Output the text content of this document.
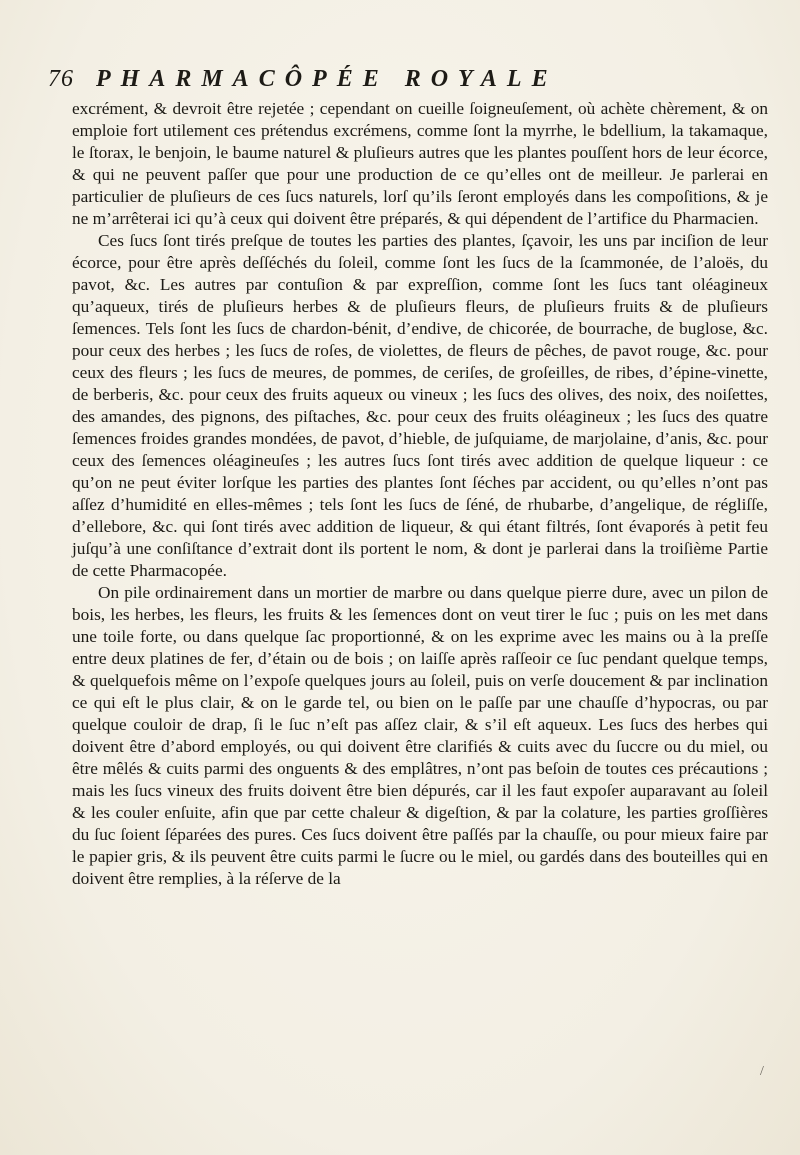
76 PHARMACÔPÉE ROYALE

excrément, & devroit être rejetée ; cependant on cueille ſoigneuſement, où achète chèrement, & on emploie fort utilement ces prétendus excrémens, comme ſont la myrrhe, le bdellium, la takamaque, le ſtorax, le benjoin, le baume naturel & pluſieurs autres que les plantes pouſſent hors de leur écorce, & qui ne peuvent paſſer que pour une production de ce qu’elles ont de meilleur. Je parlerai en particulier de pluſieurs de ces ſucs naturels, lorſ qu’ils ſeront employés dans les compoſitions, & je ne m’arrêterai ici qu’à ceux qui doivent être préparés, & qui dépendent de l’artifice du Pharmacien.

Ces ſucs ſont tirés preſque de toutes les parties des plantes, ſçavoir, les uns par inciſion de leur écorce, pour être après deſſéchés du ſoleil, comme ſont les ſucs de la ſcammonée, de l’aloës, du pavot, &c. Les autres par contuſion & par expreſſion, comme ſont les ſucs tant oléagineux qu’aqueux, tirés de pluſieurs herbes & de pluſieurs fleurs, de pluſieurs fruits & de pluſieurs ſemences. Tels ſont les ſucs de chardon-bénit, d’endive, de chicorée, de bourrache, de buglose, &c. pour ceux des herbes ; les ſucs de roſes, de violettes, de fleurs de pêches, de pavot rouge, &c. pour ceux des fleurs ; les ſucs de meures, de pommes, de ceriſes, de groſeilles, de ribes, d’épine-vinette, de berberis, &c. pour ceux des fruits aqueux ou vineux ; les ſucs des olives, des noix, des noiſettes, des amandes, des pignons, des piſtaches, &c. pour ceux des fruits oléagineux ; les ſucs des quatre ſemences froides grandes mondées, de pavot, d’hieble, de juſquiame, de marjolaine, d’anis, &c. pour ceux des ſemences oléagineuſes ; les autres ſucs ſont tirés avec addition de quelque liqueur : ce qu’on ne peut éviter lorſque les parties des plantes ſont ſéches par accident, ou qu’elles n’ont pas aſſez d’humidité en elles-mêmes ; tels ſont les ſucs de ſéné, de rhubarbe, d’angelique, de régliſſe, d’ellebore, &c. qui ſont tirés avec addition de liqueur, & qui étant filtrés, ſont évaporés à petit feu juſqu’à une conſiſtance d’extrait dont ils portent le nom, & dont je parlerai dans la troiſième Partie de cette Pharmacopée.

On pile ordinairement dans un mortier de marbre ou dans quelque pierre dure, avec un pilon de bois, les herbes, les fleurs, les fruits & les ſemences dont on veut tirer le ſuc ; puis on les met dans une toile forte, ou dans quelque ſac proportionné, & on les exprime avec les mains ou à la preſſe entre deux platines de fer, d’étain ou de bois ; on laiſſe après raſſeoir ce ſuc pendant quelque temps, & quelquefois même on l’expoſe quelques jours au ſoleil, puis on verſe doucement & par inclination ce qui eſt le plus clair, & on le garde tel, ou bien on le paſſe par une chauſſe d’hypocras, ou par quelque couloir de drap, ſi le ſuc n’eſt pas aſſez clair, & s’il eſt aqueux. Les ſucs des herbes qui doivent être d’abord employés, ou qui doivent être clarifiés & cuits avec du ſuccre ou du miel, ou être mêlés & cuits parmi des onguents & des emplâtres, n’ont pas beſoin de toutes ces précautions ; mais les ſucs vineux des fruits doivent être bien dépurés, car il les faut expoſer auparavant au ſoleil & les couler enſuite, afin que par cette chaleur & digeſtion, & par la colature, les parties groſſières du ſuc ſoient ſéparées des pures. Ces ſucs doivent être paſſés par la chauſſe, ou pour mieux faire par le papier gris, & ils peuvent être cuits parmi le ſucre ou le miel, ou gardés dans des bouteilles qui en doivent être remplies, à la réſerve de la

/
